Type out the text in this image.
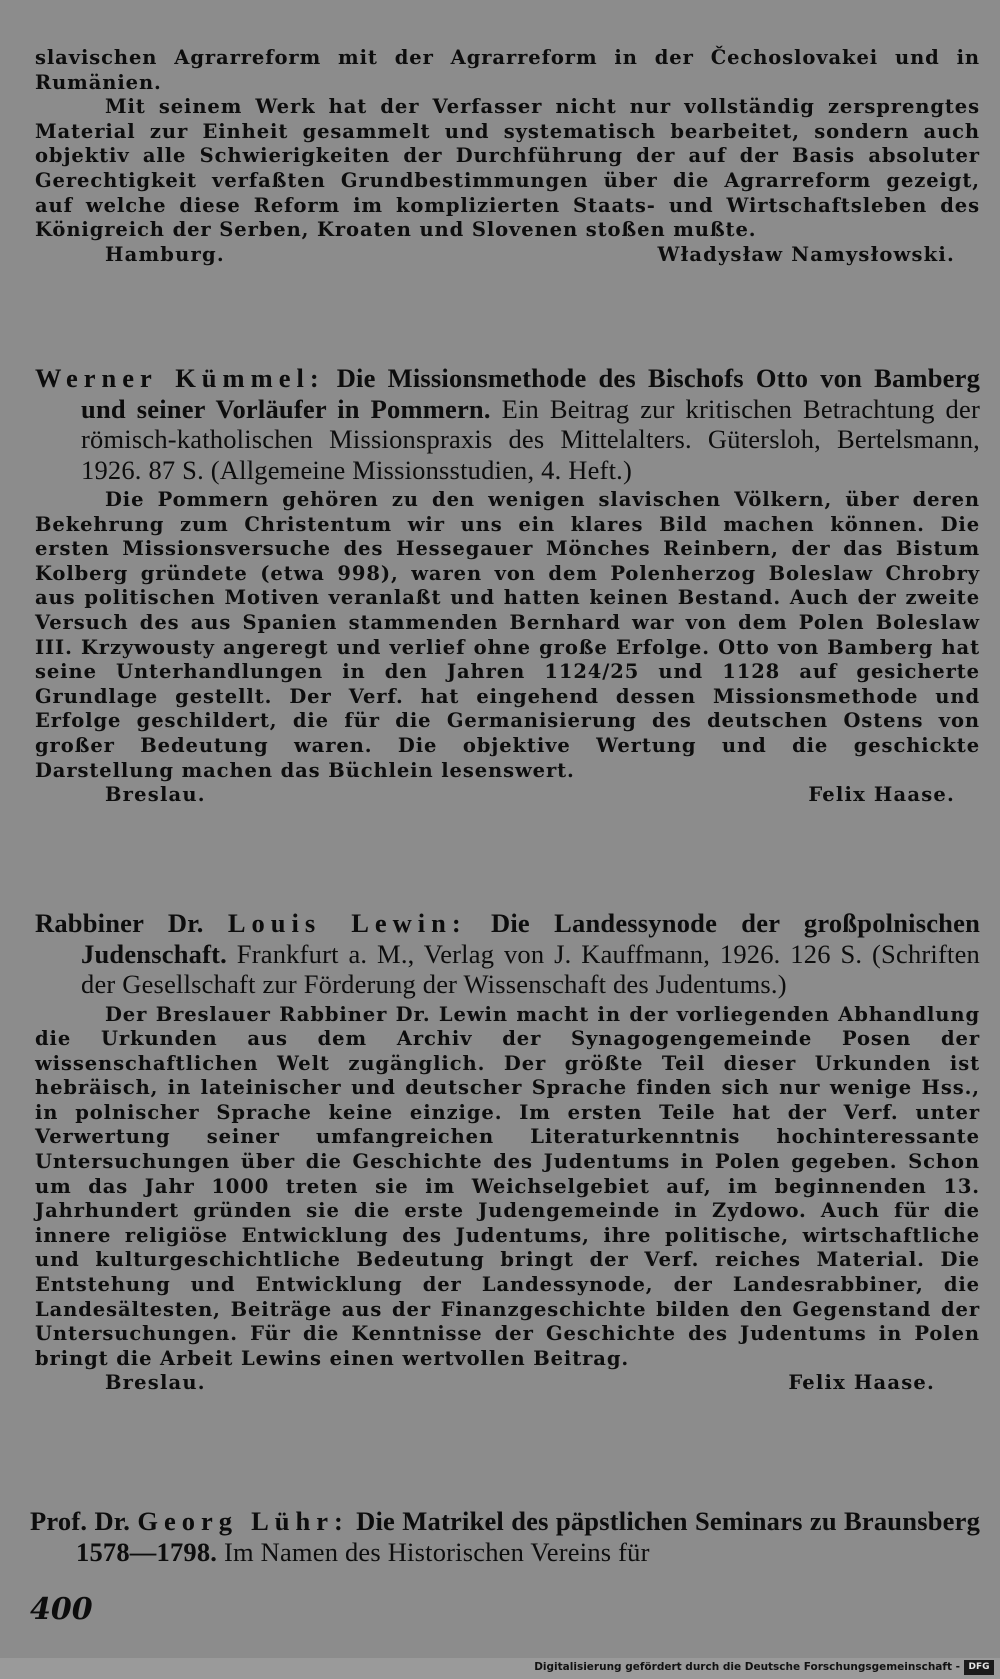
slavischen Agrarreform mit der Agrarreform in der Čechoslovakei und in Rumänien.
Mit seinem Werk hat der Verfasser nicht nur vollständig zersprengtes Material zur Einheit gesammelt und systematisch bearbeitet, sondern auch objektiv alle Schwierigkeiten der Durchführung der auf der Basis absoluter Gerechtigkeit verfaßten Grundbestimmungen über die Agrarreform gezeigt, auf welche diese Reform im komplizierten Staats- und Wirtschaftsleben des Königreich der Serben, Kroaten und Slovenen stoßen mußte.
Hamburg.	Władysław Namysłowski.
Werner Kümmel: Die Missionsmethode des Bischofs Otto von Bamberg und seiner Vorläufer in Pommern. Ein Beitrag zur kritischen Betrachtung der römisch-katholischen Missionspraxis des Mittelalters. Gütersloh, Bertelsmann, 1926. 87 S. (Allgemeine Missionsstudien, 4. Heft.)
Die Pommern gehören zu den wenigen slavischen Völkern, über deren Bekehrung zum Christentum wir uns ein klares Bild machen können. Die ersten Missionsversuche des Hessegauer Mönches Reinbern, der das Bistum Kolberg gründete (etwa 998), waren von dem Polenherzog Boleslaw Chrobry aus politischen Motiven veranlaßt und hatten keinen Bestand. Auch der zweite Versuch des aus Spanien stammenden Bernhard war von dem Polen Boleslaw III. Krzywousty angeregt und verlief ohne große Erfolge. Otto von Bamberg hat seine Unterhandlungen in den Jahren 1124/25 und 1128 auf gesicherte Grundlage gestellt. Der Verf. hat eingehend dessen Missionsmethode und Erfolge geschildert, die für die Germanisierung des deutschen Ostens von großer Bedeutung waren. Die objektive Wertung und die geschickte Darstellung machen das Büchlein lesenswert.
Breslau.	Felix Haase.
Rabbiner Dr. Louis Lewin: Die Landessynode der großpolnischen Judenschaft. Frankfurt a. M., Verlag von J. Kauffmann, 1926. 126 S. (Schriften der Gesellschaft zur Förderung der Wissenschaft des Judentums.)
Der Breslauer Rabbiner Dr. Lewin macht in der vorliegenden Abhandlung die Urkunden aus dem Archiv der Synagogengemeinde Posen der wissenschaftlichen Welt zugänglich. Der größte Teil dieser Urkunden ist hebräisch, in lateinischer und deutscher Sprache finden sich nur wenige Hss., in polnischer Sprache keine einzige. Im ersten Teile hat der Verf. unter Verwertung seiner umfangreichen Literaturkenntnis hochinteressante Untersuchungen über die Geschichte des Judentums in Polen gegeben. Schon um das Jahr 1000 treten sie im Weichselgebiet auf, im beginnenden 13. Jahrhundert gründen sie die erste Judengemeinde in Zydowo. Auch für die innere religiöse Entwicklung des Judentums, ihre politische, wirtschaftliche und kulturgeschichtliche Bedeutung bringt der Verf. reiches Material. Die Entstehung und Entwicklung der Landessynode, der Landesrabbiner, die Landesältesten, Beiträge aus der Finanzgeschichte bilden den Gegenstand der Untersuchungen. Für die Kenntnisse der Geschichte des Judentums in Polen bringt die Arbeit Lewins einen wertvollen Beitrag.
Breslau.	Felix Haase.
Prof. Dr. Georg Lühr: Die Matrikel des päpstlichen Seminars zu Braunsberg 1578—1798. Im Namen des Historischen Vereins für
400
Digitalisierung gefördert durch die Deutsche Forschungsgemeinschaft - DFG
